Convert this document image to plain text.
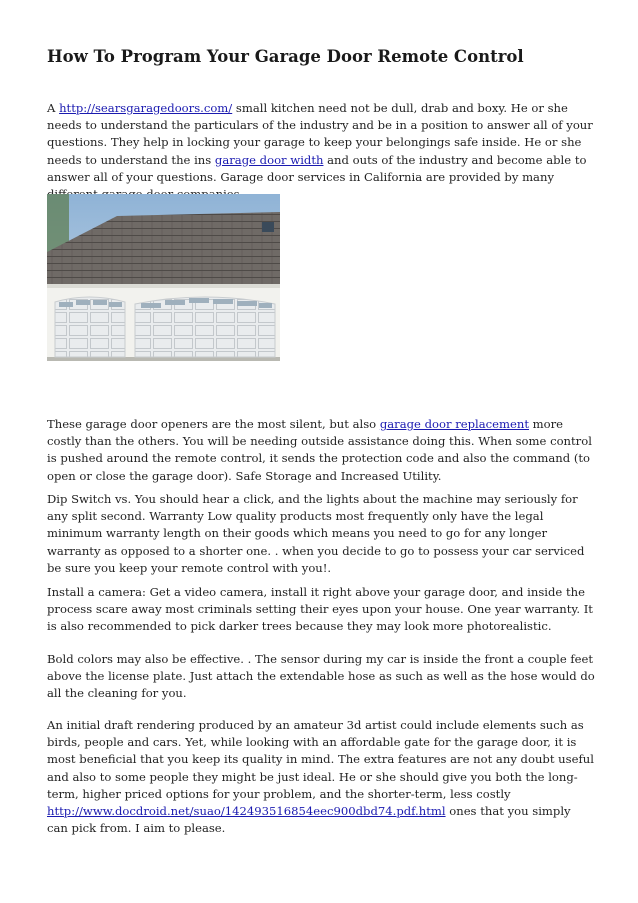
How To Program Your Garage Door Remote Control

A http://searsgaragedoors.com/ small kitchen need not be dull, drab and boxy. He or she needs to understand the particulars of the industry and be in a position to answer all of your questions. They help in locking your garage to keep your belongings safe inside. He or she needs to understand the ins garage door width and outs of the industry and become able to answer all of your questions. Garage door services in California are provided by many

These garage door openers are the most silent, but also garage door replacement more costly than the others. You will be needing outside assistance doing this. When some control is pushed around the remote control, it sends the protection code and also the command (to open or close the garage door). Safe Storage and Increased Utility.

Dip Switch vs. You should hear a click, and the lights about the machine may seriously for any split second. Warranty Low quality products most frequently only have the legal minimum warranty length on their goods which means you need to go for any longer warranty as opposed to a shorter one. . when you decide to go to possess your car serviced be sure you keep your remote control with you!.

Install a camera: Get a video camera, install it right above your garage door, and inside the process scare away most criminals setting their eyes upon your house. One year warranty. It is also recommended to pick darker trees because they may look more photorealistic.

Bold colors may also be effective. . The sensor during my car is inside the front a couple feet above the license plate. Just attach the extendable hose as such as well as the hose would do all the cleaning for you.

An initial draft rendering produced by an amateur 3d artist could include elements such as birds, people and cars. Yet, while looking with an affordable gate for the garage door, it is most beneficial that you keep its quality in mind. The extra features are not any doubt useful and also to some people they might be just ideal. He or she should give you both the long-term, higher priced options for your problem, and the shorter-term, less costly http://www.docdroid.net/suao/142493516854eec900dbd74.pdf.html ones that you simply can pick from. I aim to please.
